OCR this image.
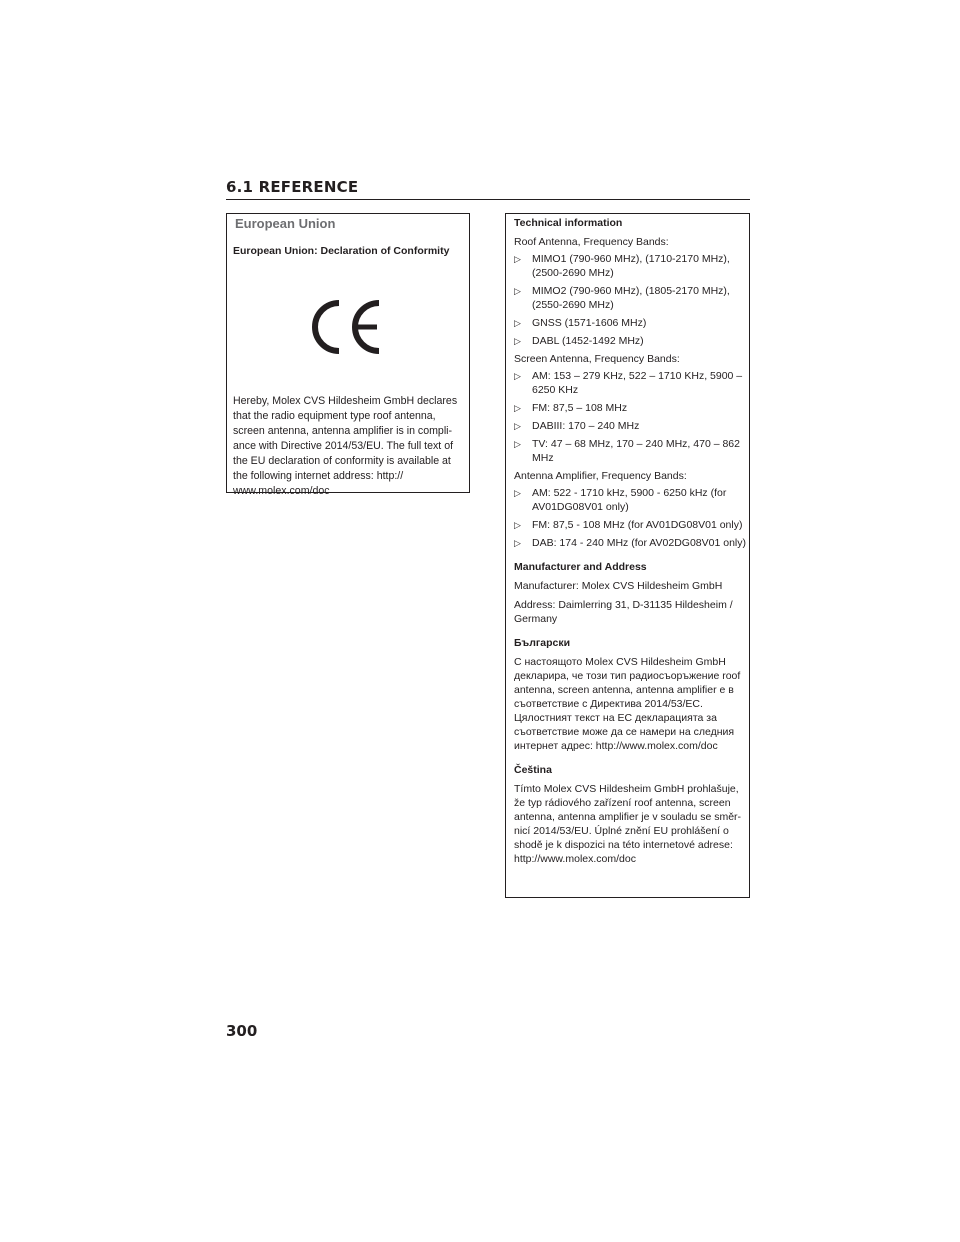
6.1 REFERENCE
European Union
European Union: Declaration of Conformity

Hereby, Molex CVS Hildesheim GmbH declares

that the radio equipment type roof antenna,

screen antenna, antenna amplifier is in compli-

ance with Directive 2014/53/EU. The full text of

the EU declaration of conformity is available at

the following internet address: http://

www.molex.com/doc

Technical information

Roof Antenna, Frequency Bands:

▷ MIMO1 (790-960 MHz), (1710-2170 MHz), (2500-2690 MHz)
▷ MIMO2 (790-960 MHz), (1805-2170 MHz), (2550-2690 MHz)
▷ GNSS (1571-1606 MHz)
▷ DABL (1452-1492 MHz)

Screen Antenna, Frequency Bands:

▷ AM: 153 – 279 KHz, 522 – 1710 KHz, 5900 – 6250 KHz
▷ FM: 87,5 – 108 MHz
▷ DABIII: 170 – 240 MHz
▷ TV: 47 – 68 MHz, 170 – 240 MHz, 470 – 862 MHz

Antenna Amplifier, Frequency Bands:

▷ AM: 522 - 1710 kHz, 5900 - 6250 kHz (for AV01DG08V01 only)
▷ FM: 87,5 - 108 MHz (for AV01DG08V01 only)
▷ DAB: 174 - 240 MHz (for AV02DG08V01 only)

Manufacturer and Address

Manufacturer: Molex CVS Hildesheim GmbH

Address: Daimlerring 31, D-31135 Hildesheim / Germany

Български

С настоящото Molex CVS Hildesheim GmbH декларира, че този тип радиосъоръжение roof antenna, screen antenna, antenna amplifier е в съответствие с Директива 2014/53/ЕС. Цялостният текст на ЕС декларацията за съответствие може да се намери на следния интернет адрес: http://www.molex.com/doc

Čeština

Tímto Molex CVS Hildesheim GmbH prohlašuje, že typ rádiového zařízení roof antenna, screen antenna, antenna amplifier je v souladu se směr-nicí 2014/53/EU. Úplné znění EU prohlášení o shodě je k dispozici na této internetové adrese: http://www.molex.com/doc

300
